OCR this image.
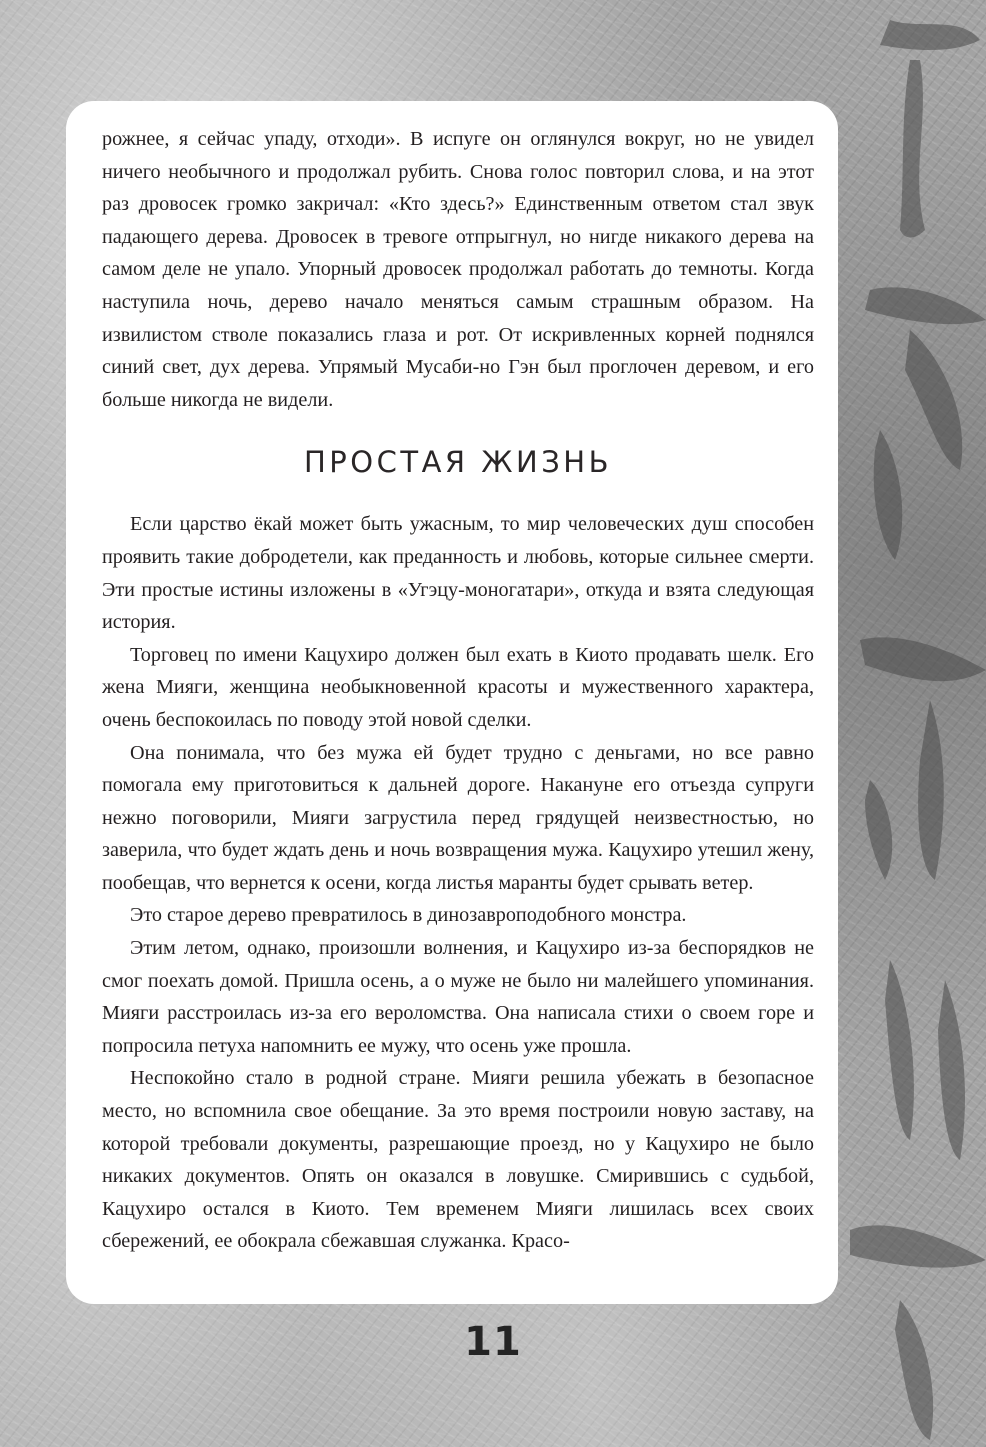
рожнее, я сейчас упаду, отходи». В испуге он оглянулся вокруг, но не увидел ничего необычного и продолжал рубить. Снова голос повторил слова, и на этот раз дровосек громко закричал: «Кто здесь?» Единственным ответом стал звук падающего дерева. Дровосек в тревоге отпрыгнул, но нигде никакого дерева на самом деле не упало. Упорный дровосек продолжал работать до темноты. Когда наступила ночь, дерево начало меняться самым страшным образом. На извилистом стволе показались глаза и рот. От искривленных корней поднялся синий свет, дух дерева. Упрямый Мусаби-но Гэн был проглочен деревом, и его больше никогда не видели.

ПРОСТАЯ ЖИЗНЬ

Если царство ёкай может быть ужасным, то мир человеческих душ способен проявить такие добродетели, как преданность и любовь, которые сильнее смерти. Эти простые истины изложены в «Угэцу-моногатари», откуда и взята следующая история.

Торговец по имени Кацухиро должен был ехать в Киото продавать шелк. Его жена Мияги, женщина необыкновенной красоты и мужественного характера, очень беспокоилась по поводу этой новой сделки.

Она понимала, что без мужа ей будет трудно с деньгами, но все равно помогала ему приготовиться к дальней дороге. Накануне его отъезда супруги нежно поговорили, Мияги загрустила перед грядущей неизвестностью, но заверила, что будет ждать день и ночь возвращения мужа. Кацухиро утешил жену, пообещав, что вернется к осени, когда листья маранты будет срывать ветер.

Это старое дерево превратилось в динозавроподобного монстра.

Этим летом, однако, произошли волнения, и Кацухиро из-за беспорядков не смог поехать домой. Пришла осень, а о муже не было ни малейшего упоминания. Мияги расстроилась из-за его вероломства. Она написала стихи о своем горе и попросила петуха напомнить ее мужу, что осень уже прошла.

Неспокойно стало в родной стране. Мияги решила убежать в безопасное место, но вспомнила свое обещание. За это время построили новую заставу, на которой требовали документы, разрешающие проезд, но у Кацухиро не было никаких документов. Опять он оказался в ловушке. Смирившись с судьбой, Кацухиро остался в Киото. Тем временем Мияги лишилась всех своих сбережений, ее обокрала сбежавшая служанка. Красо-

11
